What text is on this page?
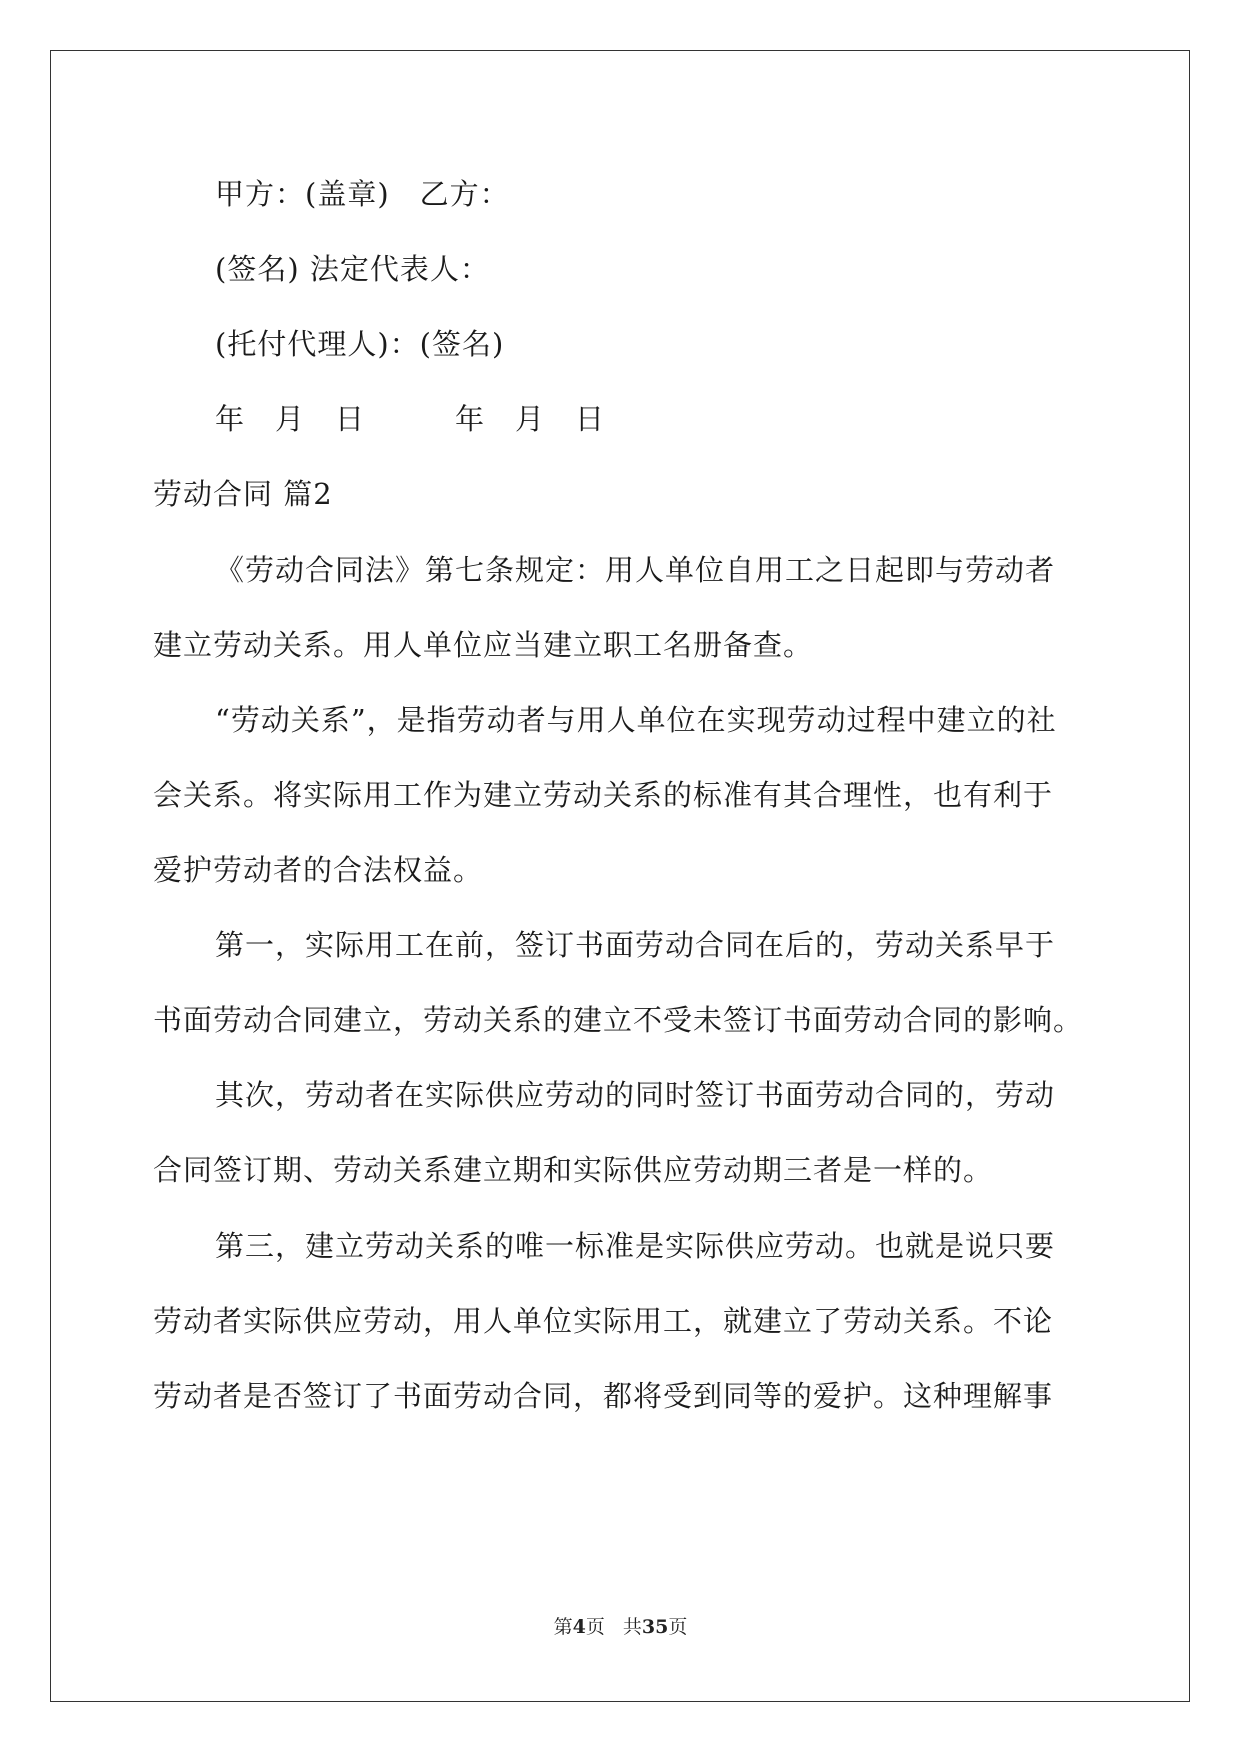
甲方：(盖章)　乙方：
(签名) 法定代表人：
(托付代理人)：(签名)
年　月　日　　　年　月　日
劳动合同 篇2
《劳动合同法》第七条规定：用人单位自用工之日起即与劳动者
建立劳动关系。用人单位应当建立职工名册备查。
“劳动关系”，是指劳动者与用人单位在实现劳动过程中建立的社
会关系。将实际用工作为建立劳动关系的标准有其合理性，也有利于
爱护劳动者的合法权益。
第一，实际用工在前，签订书面劳动合同在后的，劳动关系早于
书面劳动合同建立，劳动关系的建立不受未签订书面劳动合同的影响。
其次，劳动者在实际供应劳动的同时签订书面劳动合同的，劳动
合同签订期、劳动关系建立期和实际供应劳动期三者是一样的。
第三，建立劳动关系的唯一标准是实际供应劳动。也就是说只要
劳动者实际供应劳动，用人单位实际用工，就建立了劳动关系。不论
劳动者是否签订了书面劳动合同，都将受到同等的爱护。这种理解事
第4页 共35页
